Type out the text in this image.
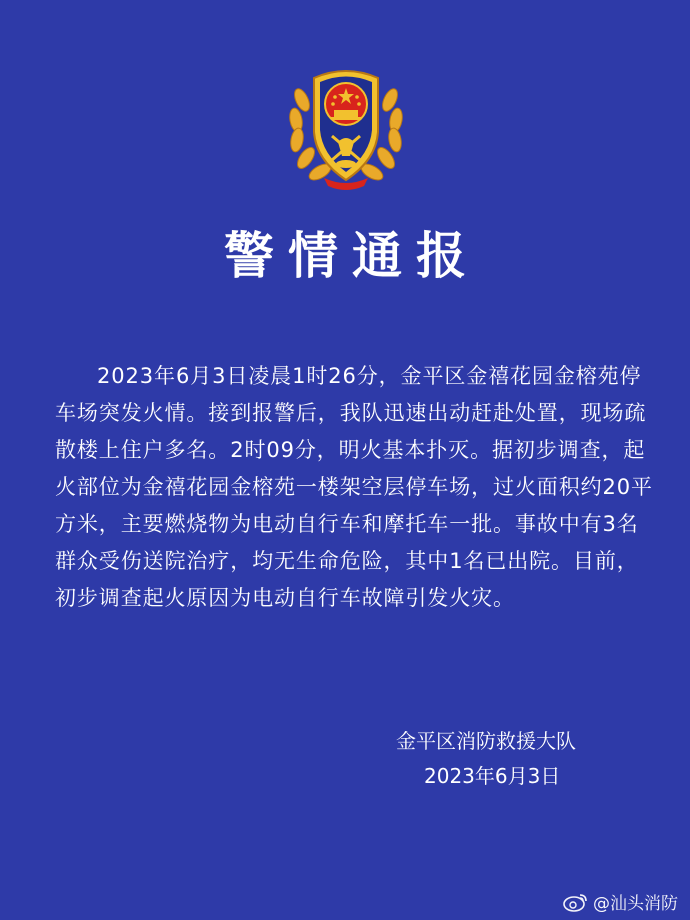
警情通报

2023年6月3日凌晨1时26分，金平区金禧花园金榕苑停车场突发火情。接到报警后，我队迅速出动赶赴处置，现场疏散楼上住户多名。2时09分，明火基本扑灭。据初步调查，起火部位为金禧花园金榕苑一楼架空层停车场，过火面积约20平方米，主要燃烧物为电动自行车和摩托车一批。事故中有3名群众受伤送院治疗，均无生命危险，其中1名已出院。目前，初步调查起火原因为电动自行车故障引发火灾。

金平区消防救援大队
2023年6月3日
@汕头消防
